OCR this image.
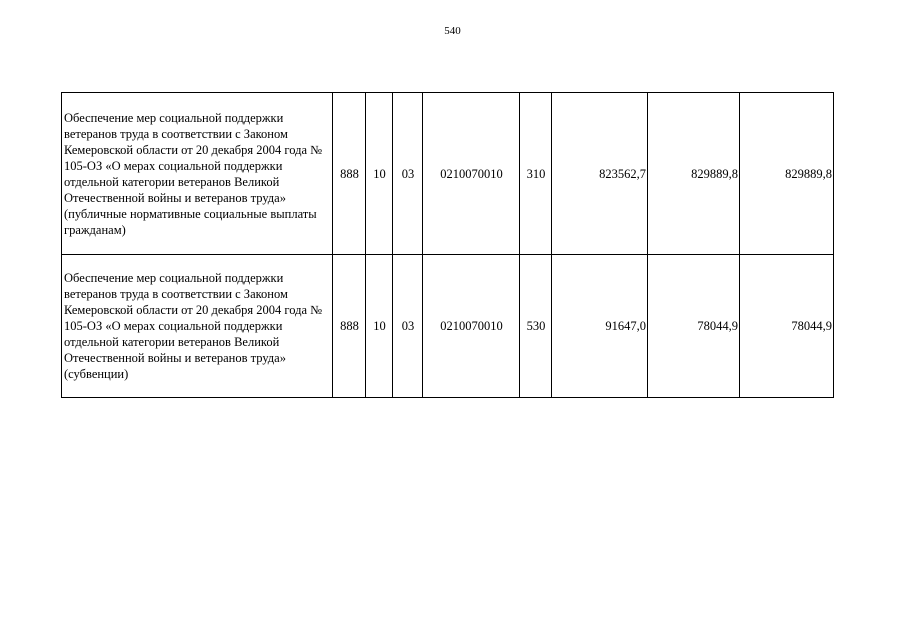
540
Обеспечение мер социальной поддержки ветеранов труда в соответствии с Законом Кемеровской области от 20 декабря 2004 года № 105-ОЗ «О мерах социальной поддержки отдельной категории ветеранов Великой Отечественной войны и ветеранов труда» (публичные нормативные социальные выплаты гражданам)	888	10	03	0210070010	310	823562,7	829889,8	829889,8
Обеспечение мер социальной поддержки ветеранов труда в соответствии с Законом Кемеровской области от 20 декабря 2004 года № 105-ОЗ «О мерах социальной поддержки отдельной категории ветеранов Великой Отечественной войны и ветеранов труда» (субвенции)	888	10	03	0210070010	530	91647,0	78044,9	78044,9
